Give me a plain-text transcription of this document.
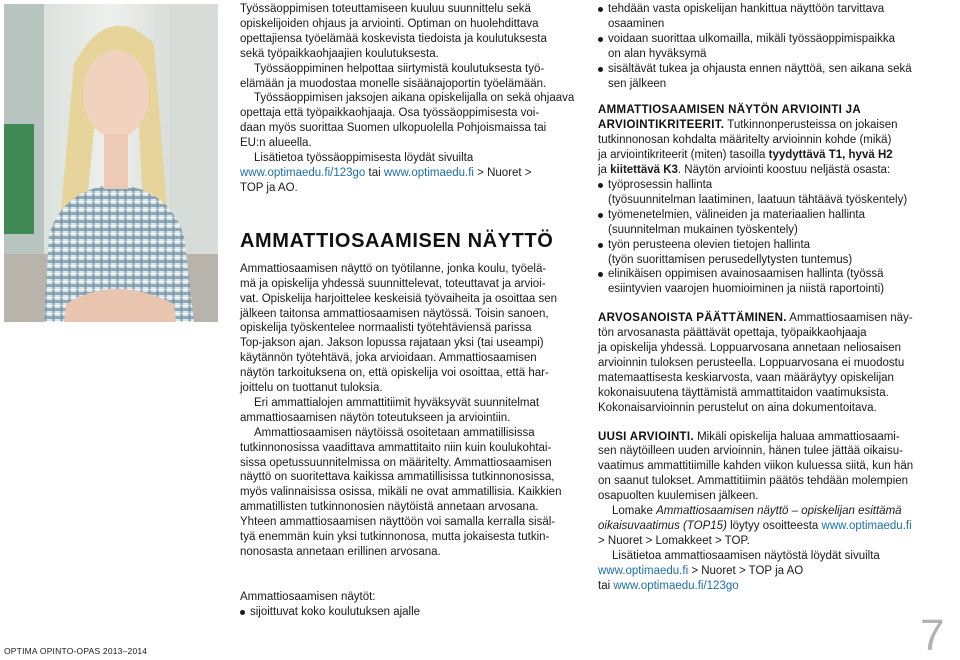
Työssäoppimisen toteuttamiseen kuuluu suunnittelu sekä
opiskelijoiden ohjaus ja arviointi. Optiman on huolehdittava
opettajiensa työelämää koskevista tiedoista ja koulutuksesta
sekä työpaikkaohjaajien koulutuksesta.

Työssäoppiminen helpottaa siirtymistä koulutuksesta työ-
elämään ja muodostaa monelle sisäänajoportin työelämään.

Työssäoppimisen jaksojen aikana opiskelijalla on sekä ohjaava
opettaja että työpaikkaohjaaja. Osa työssäoppimisesta voi-
daan myös suorittaa Suomen ulkopuolella Pohjoismaissa tai
EU:n alueella.

Lisätietoa työssäoppimisesta löydät sivuilta
www.optimaedu.fi/123go tai www.optimaedu.fi > Nuoret >
TOP ja AO.

AMMATTIOSAAMISEN NÄYTTÖ

Ammattiosaamisen näyttö on työtilanne, jonka koulu, työelä-
mä ja opiskelija yhdessä suunnittelevat, toteuttavat ja arvioi-
vat. Opiskelija harjoittelee keskeisiä työvaiheita ja osoittaa sen
jälkeen taitonsa ammattiosaamisen näytössä. Toisin sanoen,
opiskelija työskentelee normaalisti työtehtäviensä parissa
Top-jakson ajan. Jakson lopussa rajataan yksi (tai useampi)
käytännön työtehtävä, joka arvioidaan. Ammattiosaamisen
näytön tarkoituksena on, että opiskelija voi osoittaa, että har-
joittelu on tuottanut tuloksia.

Eri ammattialojen ammattitiimit hyväksyvät suunnitelmat
ammattiosaamisen näytön toteutukseen ja arviointiin.

Ammattiosaamisen näytöissä osoitetaan ammatillisissa
tutkinnonosissa vaadittava ammattitaito niin kuin koulukohtai-
sissa opetussuunnitelmissa on määritelty. Ammattiosaamisen
näyttö on suoritettava kaikissa ammatillisissa tutkinnonosissa,
myös valinnaisissa osissa, mikäli ne ovat ammatillisia. Kaikkien
ammatillisten tutkinnonosien näytöistä annetaan arvosana.
Yhteen ammattiosaamisen näyttöön voi samalla kerralla sisäl-
tyä enemmän kuin yksi tutkinnonosa, mutta jokaisesta tutkin-
nonosasta annetaan erillinen arvosana.

Ammattiosaamisen näytöt:

sijoittuvat koko koulutuksen ajalle
tehdään vasta opiskelijan hankittua näyttöön tarvittava
osaaminen
voidaan suorittaa ulkomailla, mikäli työssäoppimispaikka
on alan hyväksymä
sisältävät tukea ja ohjausta ennen näyttöä, sen aikana sekä
sen jälkeen

AMMATTIOSAAMISEN NÄYTÖN ARVIOINTI JA
ARVIOINTIKRITEERIT. Tutkinnonperusteissa on jokaisen
tutkinnonosan kohdalta määritelty arvioinnin kohde (mikä)
ja arviointikriteerit (miten) tasoilla tyydyttävä T1, hyvä H2
ja kiitettävä K3. Näytön arviointi koostuu neljästä osasta:

työprosessin hallinta
(työsuunnitelman laatiminen, laatuun tähtäävä työskentely)
työmenetelmien, välineiden ja materiaalien hallinta
(suunnitelman mukainen työskentely)
työn perusteena olevien tietojen hallinta
(työn suorittamisen perusedellytysten tuntemus)
elinikäisen oppimisen avainosaamisen hallinta (työssä
esiintyvien vaarojen huomioiminen ja niistä raportointi)

ARVOSANOISTA PÄÄTTÄMINEN. Ammattiosaamisen näy-
tön arvosanasta päättävät opettaja, työpaikkaohjaaja
ja opiskelija yhdessä. Loppuarvosana annetaan neliosaisen
arvioinnin tuloksen perusteella. Loppuarvosana ei muodostu
matemaattisesta keskiarvosta, vaan määräytyy opiskelijan
kokonaisuutena täyttämistä ammattitaidon vaatimuksista.
Kokonaisarvioinnin perustelut on aina dokumentoitava.

UUSI ARVIOINTI. Mikäli opiskelija haluaa ammattiosaami-
sen näytöilleen uuden arvioinnin, hänen tulee jättää oikaisu-
vaatimus ammattitiimille kahden viikon kuluessa siitä, kun hän
on saanut tulokset. Ammattitiimin päätös tehdään molempien
osapuolten kuulemisen jälkeen.

Lomake Ammattiosaamisen näyttö – opiskelijan esittämä
oikaisuvaatimus (TOP15) löytyy osoitteesta www.optimaedu.fi
> Nuoret > Lomakkeet > TOP.

Lisätietoa ammattiosaamisen näytöstä löydät sivuilta
www.optimaedu.fi > Nuoret > TOP ja AO
tai www.optimaedu.fi/123go

OPTIMA OPINTO-OPAS 2013–2014	7
